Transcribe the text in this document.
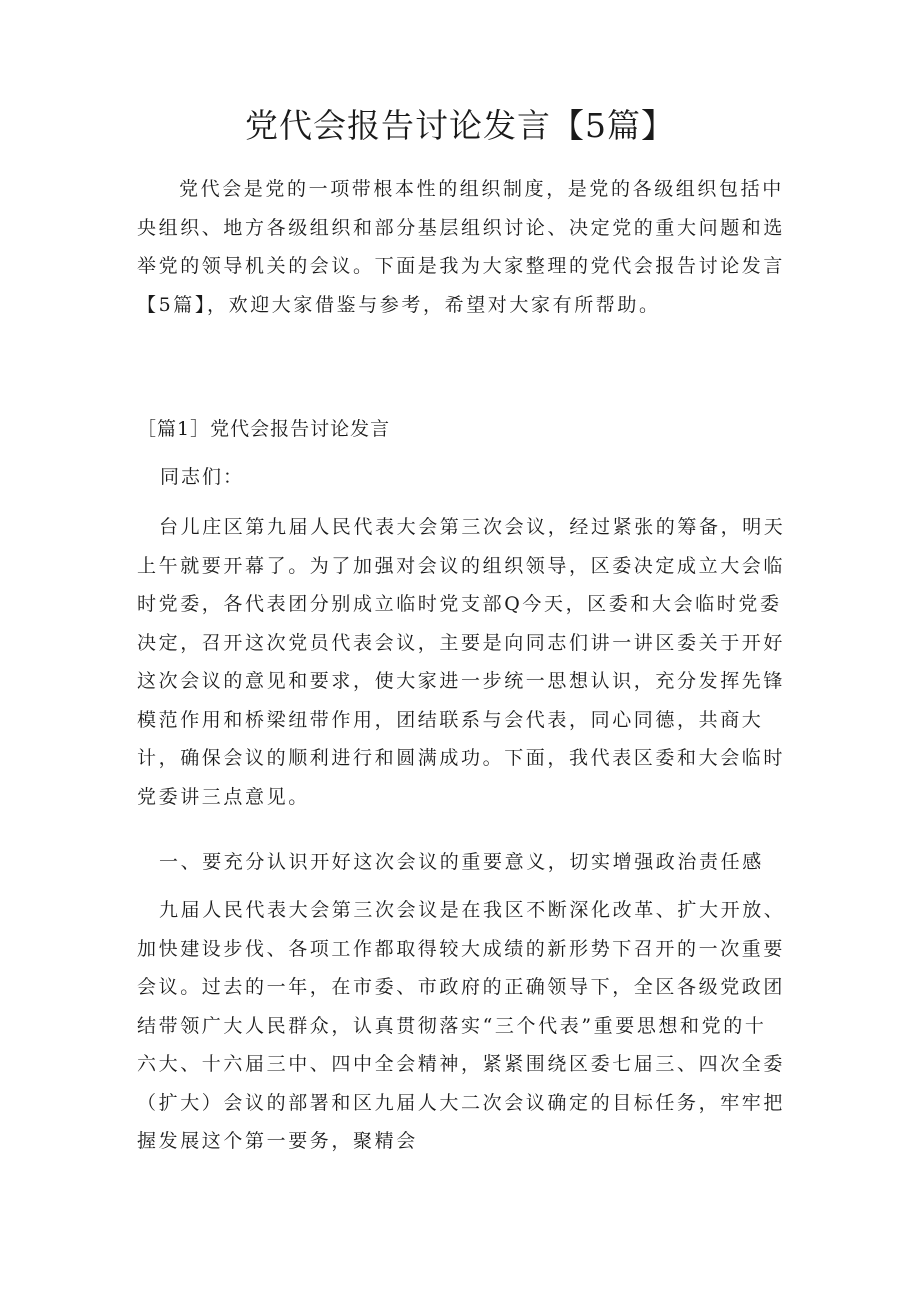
党代会报告讨论发言【5篇】

党代会是党的一项带根本性的组织制度，是党的各级组织包括中央组织、地方各级组织和部分基层组织讨论、决定党的重大问题和选举党的领导机关的会议。下面是我为大家整理的党代会报告讨论发言【5篇】，欢迎大家借鉴与参考，希望对大家有所帮助。

［篇1］党代会报告讨论发言

同志们：

台儿庄区第九届人民代表大会第三次会议，经过紧张的筹备，明天上午就要开幕了。为了加强对会议的组织领导，区委决定成立大会临时党委，各代表团分别成立临时党支部Q今天，区委和大会临时党委决定，召开这次党员代表会议，主要是向同志们讲一讲区委关于开好这次会议的意见和要求，使大家进一步统一思想认识，充分发挥先锋模范作用和桥梁纽带作用，团结联系与会代表，同心同德，共商大计，确保会议的顺利进行和圆满成功。下面，我代表区委和大会临时党委讲三点意见。

一、要充分认识开好这次会议的重要意义，切实增强政治责任感

九届人民代表大会第三次会议是在我区不断深化改革、扩大开放、加快建设步伐、各项工作都取得较大成绩的新形势下召开的一次重要会议。过去的一年，在市委、市政府的正确领导下，全区各级党政团结带领广大人民群众，认真贯彻落实“三个代表”重要思想和党的十六大、十六届三中、四中全会精神，紧紧围绕区委七届三、四次全委（扩大）会议的部署和区九届人大二次会议确定的目标任务，牢牢把握发展这个第一要务，聚精会
